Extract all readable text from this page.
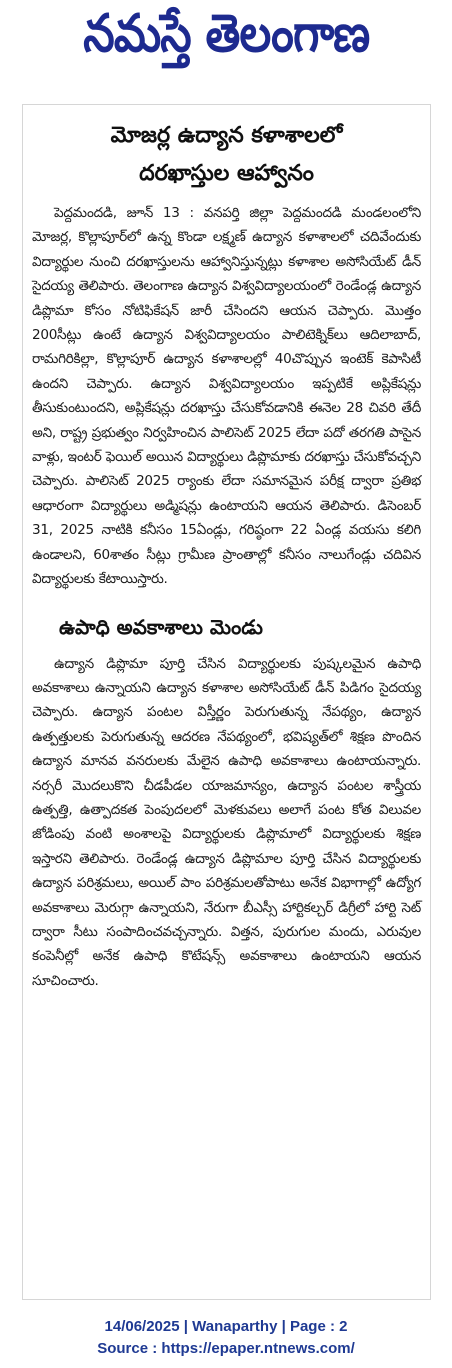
నమస్తే తెలంగాణ
మోజర్ల ఉద్యాన కళాశాలలో
దరఖాస్తుల ఆహ్వానం

పెద్దమందడి, జూన్ 13 : వనపర్తి జిల్లా పెద్దమందడి మండలంలోని మోజర్ల, కొల్లాపూర్‌లో ఉన్న కొండా లక్ష్మణ్ ఉద్యాన కళాశాలలో చదివేందుకు విద్యార్థుల నుంచి దరఖాస్తులను ఆహ్వానిస్తున్నట్లు కళాశాల అసోసియేట్ డీన్ సైదయ్య తెలిపారు. తెలంగాణ ఉద్యాన విశ్వవిద్యాలయంలో రెండేండ్ల ఉద్యాన డిప్లొమా కోసం నోటిఫికేషన్ జారీ చేసిందని ఆయన చెప్పారు. మొత్తం 200సీట్లు ఉంటే ఉద్యాన విశ్వవిద్యాలయం పాలిటెక్నిక్‌లు ఆదిలాబాద్, రామగిరికిల్లా, కొల్లాపూర్ ఉద్యాన కళాశాలల్లో 40చొప్పున ఇంటెక్ కెపాసిటీ ఉందని చెప్పారు. ఉద్యాన విశ్వవిద్యాలయం ఇప్పటికే అప్లికేషన్లు తీసుకుంటుందని, అప్లికేషన్లు దరఖాస్తు చేసుకోవడానికి ఈనెల 28 చివరి తేదీ అని, రాష్ట్ర ప్రభుత్వం నిర్వహించిన పాలిసెట్ 2025 లేదా పదో తరగతి పాసైన వాళ్లు, ఇంటర్ ఫెయిల్ అయిన విద్యార్థులు డిప్లొమాకు దరఖాస్తు చేసుకోవచ్చని చెప్పారు. పాలిసెట్ 2025 ర్యాంకు లేదా సమానమైన పరీక్ష ద్వారా ప్రతిభ ఆధారంగా విద్యార్థులు అడ్మిషన్లు ఉంటాయని ఆయన తెలిపారు. డిసెంబర్ 31, 2025 నాటికి కనీసం 15ఏండ్లు, గరిష్ఠంగా 22 ఏండ్ల వయసు కలిగి ఉండాలని, 60శాతం సీట్లు గ్రామీణ ప్రాంతాల్లో కనీసం నాలుగేండ్లు చదివిన విద్యార్థులకు కేటాయిస్తారు.

ఉపాధి అవకాశాలు మెండు

ఉద్యాన డిప్లొమా పూర్తి చేసిన విద్యార్థులకు పుష్కలమైన ఉపాధి అవకాశాలు ఉన్నాయని ఉద్యాన కళాశాల అసోసియేట్ డీన్ పిడిగం సైదయ్య చెప్పారు. ఉద్యాన పంటల విస్తీర్ణం పెరుగుతున్న నేపథ్యం, ఉద్యాన ఉత్పత్తులకు పెరుగుతున్న ఆదరణ నేపథ్యంలో, భవిష్యత్‌లో శిక్షణ పొందిన ఉద్యాన మానవ వనరులకు మేలైన ఉపాధి అవకాశాలు ఉంటాయన్నారు. నర్సరీ మొదలుకొని చీడపీడల యాజమాన్యం, ఉద్యాన పంటల శాస్త్రీయ ఉత్పత్తి, ఉత్పాదకత పెంపుదలలో మెళకువలు అలాగే పంట కోత విలువల జోడింపు వంటి అంశాలపై విద్యార్థులకు డిప్లొమాలో విద్యార్థులకు శిక్షణ ఇస్తారని తెలిపారు. రెండేండ్ల ఉద్యాన డిప్లొమాల పూర్తి చేసిన విద్యార్థులకు ఉద్యాన పరిశ్రమలు, అయిల్ పాం పరిశ్రమలతోపాటు అనేక విభాగాల్లో ఉద్యోగ అవకాశాలు మెరుగ్గా ఉన్నాయని, నేరుగా బీఎస్సీ హార్టికల్చర్ డిగ్రీలో హార్టి సెట్ ద్వారా సీటు సంపాదించవచ్చన్నారు. విత్తన, పురుగుల మందు, ఎరువుల కంపెనీల్లో అనేక ఉపాధి కొటేషన్స్ అవకాశాలు ఉంటాయని ఆయన సూచించారు.

14/06/2025 | Wanaparthy | Page : 2
Source : https://epaper.ntnews.com/
